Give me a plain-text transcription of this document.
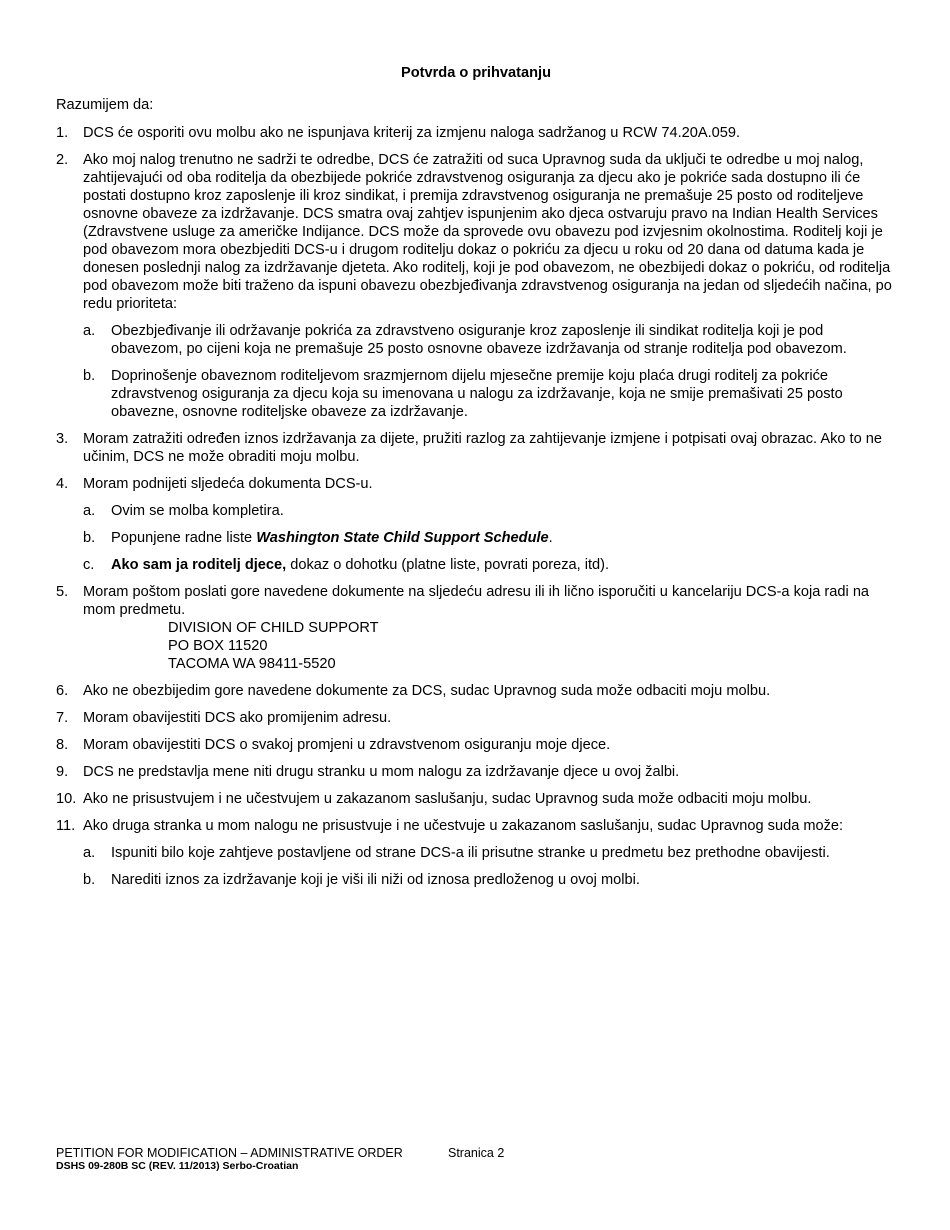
Potvrda o prihvatanju
Razumijem da:
1.	DCS će osporiti ovu molbu ako ne ispunjava kriterij za izmjenu naloga sadržanog u RCW 74.20A.059.
2.	Ako moj nalog trenutno ne sadrži te odredbe, DCS će zatražiti od suca Upravnog suda da uključi te odredbe u moj nalog, zahtijevajući od oba roditelja da obezbijede pokriće zdravstvenog osiguranja za djecu ako je pokriće sada dostupno ili će postati dostupno kroz zaposlenje ili kroz sindikat, i premija zdravstvenog osiguranja ne premašuje 25 posto od roditeljeve osnovne obaveze za izdržavanje. DCS smatra ovaj zahtjev ispunjenim ako djeca ostvaruju pravo na Indian Health Services (Zdravstvene usluge za američke Indijance. DCS može da sprovede ovu obavezu pod izvjesnim okolnostima. Roditelj koji je pod obavezom mora obezbjediti DCS-u i drugom roditelju dokaz o pokriću za djecu u roku od 20 dana od datuma kada je donesen poslednji nalog za izdržavanje djeteta. Ako roditelj, koji je pod obavezom, ne obezbijedi dokaz o pokriću, od roditelja pod obavezom može biti traženo da ispuni obavezu obezbjeđivanja zdravstvenog osiguranja na jedan od sljedećih načina, po redu prioriteta:
a.	Obezbjeđivanje ili održavanje pokrića za zdravstveno osiguranje kroz zaposlenje ili sindikat roditelja koji je pod obavezom, po cijeni koja ne premašuje 25 posto osnovne obaveze izdržavanja od stranje roditelja pod obavezom.
b.	Doprinošenje obaveznom roditeljevom srazmjernom dijelu mjesečne premije koju plaća drugi roditelj za pokriće zdravstvenog osiguranja za djecu koja su imenovana u nalogu za izdržavanje, koja ne smije premašivati 25 posto obavezne, osnovne roditeljske obaveze za izdržavanje.
3.	Moram zatražiti određen iznos izdržavanja za dijete, pružiti razlog za zahtijevanje izmjene i potpisati ovaj obrazac. Ako to ne učinim, DCS ne može obraditi moju molbu.
4.	Moram podnijeti sljedeća dokumenta DCS-u.
a.	Ovim se molba kompletira.
b.	Popunjene radne liste Washington State Child Support Schedule.
c.	Ako sam ja roditelj djece, dokaz o dohotku (platne liste, povrati poreza, itd).
5.	Moram poštom poslati gore navedene dokumente na sljedeću adresu ili ih lično isporučiti u kancelariju DCS-a koja radi na mom predmetu.
DIVISION OF CHILD SUPPORT
PO BOX 11520
TACOMA WA 98411-5520
6.	Ako ne obezbijedim gore navedene dokumente za DCS, sudac Upravnog suda može odbaciti moju molbu.
7.	Moram obavijestiti DCS ako promijenim adresu.
8.	Moram obavijestiti DCS o svakoj promjeni u zdravstvenom osiguranju moje djece.
9.	DCS ne predstavlja mene niti drugu stranku u mom nalogu za izdržavanje djece u ovoj žalbi.
10. Ako ne prisustvujem i ne učestvujem u zakazanom saslušanju, sudac Upravnog suda može odbaciti moju molbu.
11. Ako druga stranka u mom nalogu ne prisustvuje i ne učestvuje u zakazanom saslušanju, sudac Upravnog suda može:
a.	Ispuniti bilo koje zahtjeve postavljene od strane DCS-a ili prisutne stranke u predmetu bez prethodne obavijesti.
b.	Narediti iznos za izdržavanje koji je viši ili niži od iznosa predloženog u ovoj molbi.
PETITION FOR MODIFICATION – ADMINISTRATIVE ORDER	Stranica 2
DSHS 09-280B SC (REV. 11/2013) Serbo-Croatian
